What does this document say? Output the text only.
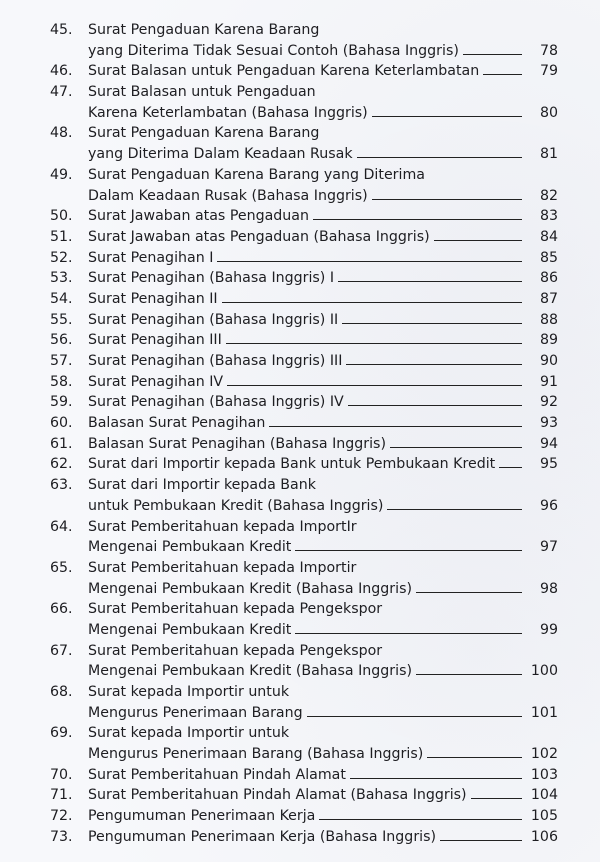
45.	Surat Pengaduan Karena Barang
yang Diterima Tidak Sesuai Contoh (Bahasa Inggris)	78
46.	Surat Balasan untuk Pengaduan Karena Keterlambatan	79
47.	Surat Balasan untuk Pengaduan
Karena Keterlambatan (Bahasa Inggris)	80
48.	Surat Pengaduan Karena Barang
yang Diterima Dalam Keadaan Rusak	81
49.	Surat Pengaduan Karena Barang yang Diterima
Dalam Keadaan Rusak (Bahasa Inggris)	82
50.	Surat Jawaban atas Pengaduan	83
51.	Surat Jawaban atas Pengaduan (Bahasa Inggris)	84
52.	Surat Penagihan I	85
53.	Surat Penagihan (Bahasa Inggris) I	86
54.	Surat Penagihan II	87
55.	Surat Penagihan (Bahasa Inggris) II	88
56.	Surat Penagihan III	89
57.	Surat Penagihan (Bahasa Inggris) III	90
58.	Surat Penagihan IV	91
59.	Surat Penagihan (Bahasa Inggris) IV	92
60.	Balasan Surat Penagihan	93
61.	Balasan Surat Penagihan (Bahasa Inggris)	94
62.	Surat dari Importir kepada Bank untuk Pembukaan Kredit	95
63.	Surat dari Importir kepada Bank
untuk Pembukaan Kredit (Bahasa Inggris)	96
64.	Surat Pemberitahuan kepada ImportIr
Mengenai Pembukaan Kredit	97
65.	Surat Pemberitahuan kepada Importir
Mengenai Pembukaan Kredit (Bahasa Inggris)	98
66.	Surat Pemberitahuan kepada Pengekspor
Mengenai Pembukaan Kredit	99
67.	Surat Pemberitahuan kepada Pengekspor
Mengenai Pembukaan Kredit (Bahasa Inggris)	100
68.	Surat kepada Importir untuk
Mengurus Penerimaan Barang	101
69.	Surat kepada Importir untuk
Mengurus Penerimaan Barang (Bahasa Inggris)	102
70.	Surat Pemberitahuan Pindah Alamat	103
71.	Surat Pemberitahuan Pindah Alamat (Bahasa Inggris)	104
72.	Pengumuman Penerimaan Kerja	105
73.	Pengumuman Penerimaan Kerja (Bahasa Inggris)	106
